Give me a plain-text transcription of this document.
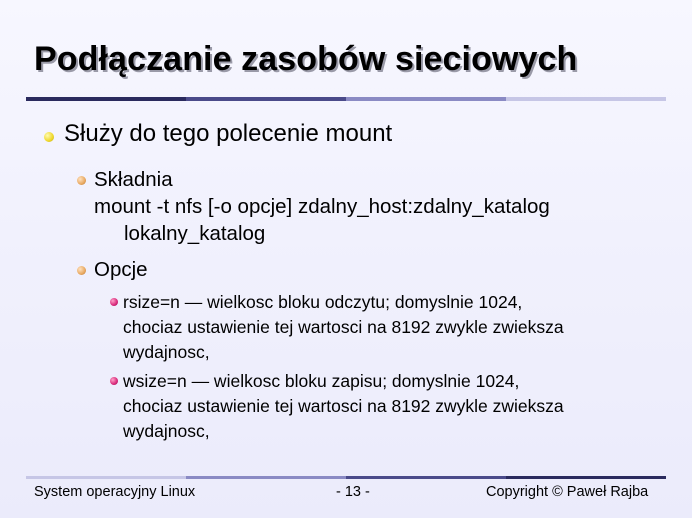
Podłączanie zasobów sieciowych
Służy do tego polecenie mount
Składnia
mount -t nfs [-o opcje] zdalny_host:zdalny_katalog
lokalny_katalog
Opcje
rsize=n — wielkosc bloku odczytu; domyslnie 1024,
chociaz ustawienie tej wartosci na 8192 zwykle zwieksza
wydajnosc,
wsize=n — wielkosc bloku zapisu; domyslnie 1024,
chociaz ustawienie tej wartosci na 8192 zwykle zwieksza
wydajnosc,
System operacyjny Linux	- 13 -	Copyright © Paweł Rajba
